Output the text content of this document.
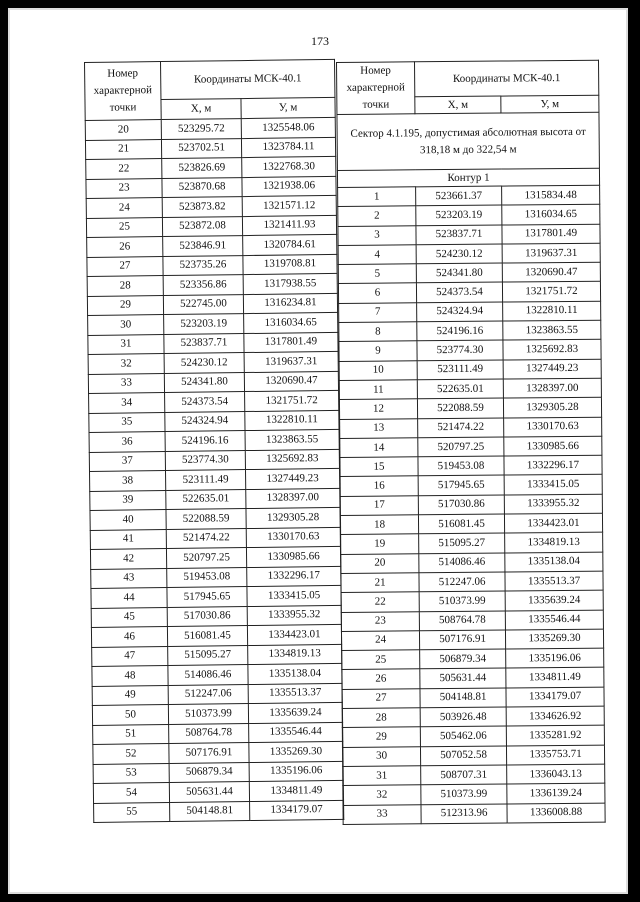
173
Номер характерной точки	Координаты МСК-40.1	
	X, м	У, м
20	523295.72	1325548.06
21	523702.51	1323784.11
22	523826.69	1322768.30
23	523870.68	1321938.06
24	523873.82	1321571.12
25	523872.08	1321411.93
26	523846.91	1320784.61
27	523735.26	1319708.81
28	523356.86	1317938.55
29	522745.00	1316234.81
30	523203.19	1316034.65
31	523837.71	1317801.49
32	524230.12	1319637.31
33	524341.80	1320690.47
34	524373.54	1321751.72
35	524324.94	1322810.11
36	524196.16	1323863.55
37	523774.30	1325692.83
38	523111.49	1327449.23
39	522635.01	1328397.00
40	522088.59	1329305.28
41	521474.22	1330170.63
42	520797.25	1330985.66
43	519453.08	1332296.17
44	517945.65	1333415.05
45	517030.86	1333955.32
46	516081.45	1334423.01
47	515095.27	1334819.13
48	514086.46	1335138.04
49	512247.06	1335513.37
50	510373.99	1335639.24
51	508764.78	1335546.44
52	507176.91	1335269.30
53	506879.34	1335196.06
54	505631.44	1334811.49
55	504148.81	1334179.07
Номер характерной точки	Координаты МСК-40.1	
	X, м	У, м
Сектор 4.1.195, допустимая абсолютная высота от 318,18 м до 322,54 м		
Контур 1		
1	523661.37	1315834.48
2	523203.19	1316034.65
3	523837.71	1317801.49
4	524230.12	1319637.31
5	524341.80	1320690.47
6	524373.54	1321751.72
7	524324.94	1322810.11
8	524196.16	1323863.55
9	523774.30	1325692.83
10	523111.49	1327449.23
11	522635.01	1328397.00
12	522088.59	1329305.28
13	521474.22	1330170.63
14	520797.25	1330985.66
15	519453.08	1332296.17
16	517945.65	1333415.05
17	517030.86	1333955.32
18	516081.45	1334423.01
19	515095.27	1334819.13
20	514086.46	1335138.04
21	512247.06	1335513.37
22	510373.99	1335639.24
23	508764.78	1335546.44
24	507176.91	1335269.30
25	506879.34	1335196.06
26	505631.44	1334811.49
27	504148.81	1334179.07
28	503926.48	1334626.92
29	505462.06	1335281.92
30	507052.58	1335753.71
31	508707.31	1336043.13
32	510373.99	1336139.24
33	512313.96	1336008.88
